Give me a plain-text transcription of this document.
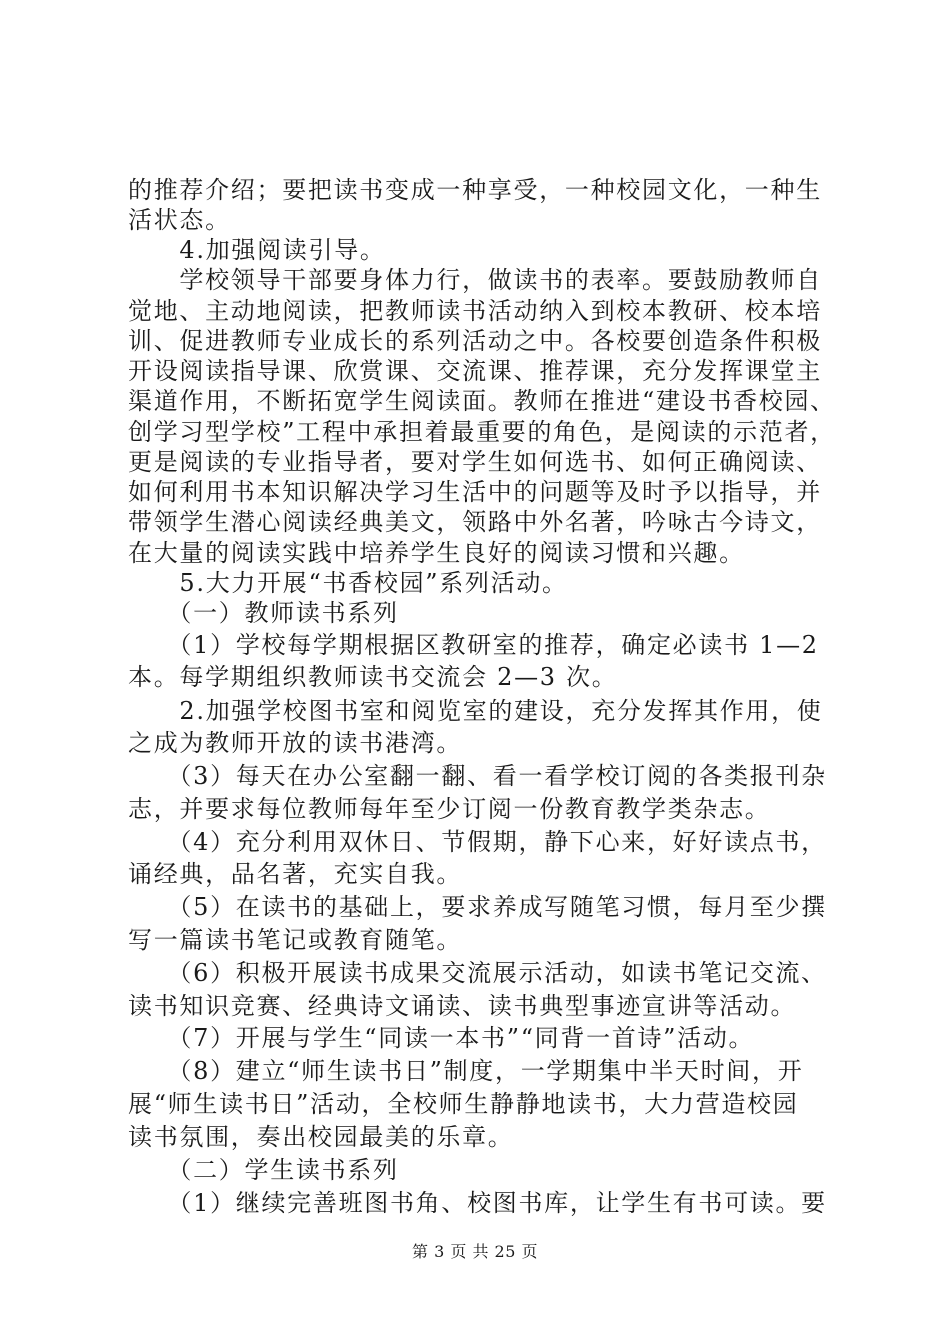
的推荐介绍；要把读书变成一种享受，一种校园文化，一种生
活状态。
　　4.加强阅读引导。
　　学校领导干部要身体力行，做读书的表率。要鼓励教师自
觉地、主动地阅读，把教师读书活动纳入到校本教研、校本培
训、促进教师专业成长的系列活动之中。各校要创造条件积极
开设阅读指导课、欣赏课、交流课、推荐课，充分发挥课堂主
渠道作用，不断拓宽学生阅读面。教师在推进“建设书香校园、
创学习型学校”工程中承担着最重要的角色，是阅读的示范者，
更是阅读的专业指导者，要对学生如何选书、如何正确阅读、
如何利用书本知识解决学习生活中的问题等及时予以指导，并
带领学生潜心阅读经典美文，领路中外名著，吟咏古今诗文，
在大量的阅读实践中培养学生良好的阅读习惯和兴趣。
　　5.大力开展“书香校园”系列活动。
　　（一）教师读书系列
　　（1）学校每学期根据区教研室的推荐，确定必读书 1—2
本。每学期组织教师读书交流会 2—3 次。
　　2.加强学校图书室和阅览室的建设，充分发挥其作用，使
之成为教师开放的读书港湾。
　　（3）每天在办公室翻一翻、看一看学校订阅的各类报刊杂
志，并要求每位教师每年至少订阅一份教育教学类杂志。
　　（4）充分利用双休日、节假期，静下心来，好好读点书，
诵经典，品名著，充实自我。
　　（5）在读书的基础上，要求养成写随笔习惯，每月至少撰
写一篇读书笔记或教育随笔。
　　（6）积极开展读书成果交流展示活动，如读书笔记交流、
读书知识竞赛、经典诗文诵读、读书典型事迹宣讲等活动。
　　（7）开展与学生“同读一本书”“同背一首诗”活动。
　　（8）建立“师生读书日”制度，一学期集中半天时间，开
展“师生读书日”活动，全校师生静静地读书，大力营造校园
读书氛围，奏出校园最美的乐章。
　　（二）学生读书系列
　　（1）继续完善班图书角、校图书库，让学生有书可读。要
第 3 页 共 25 页
